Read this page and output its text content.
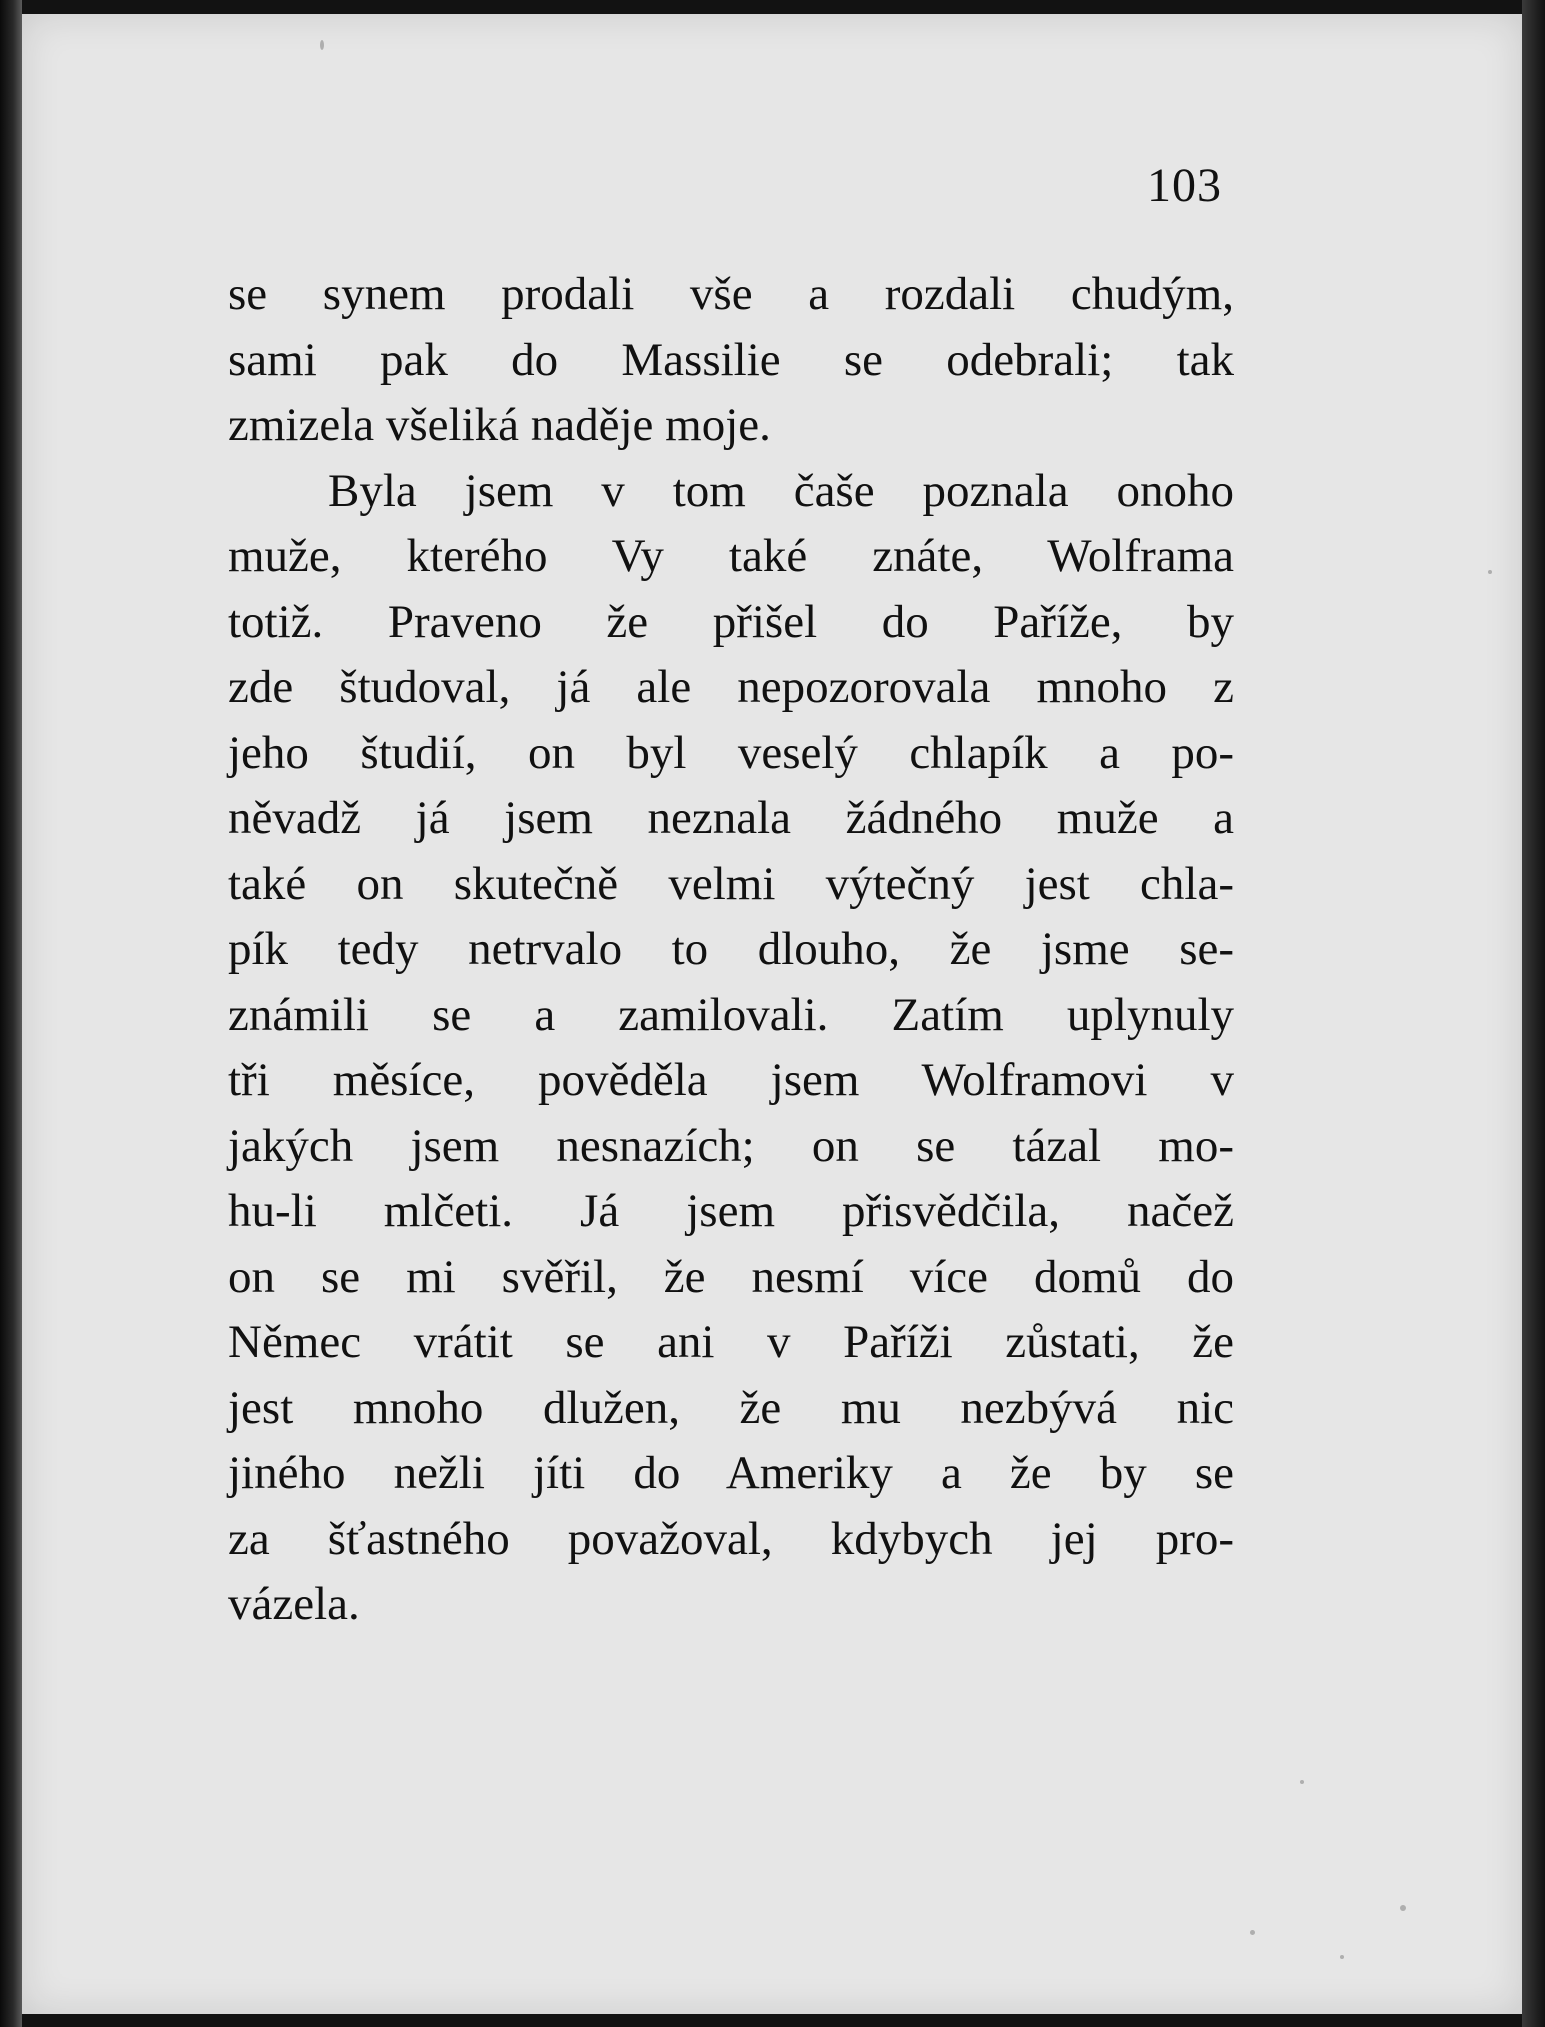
103
se synem prodali vše a rozdali chudým,
sami pak do Massilie se odebrali; tak
zmizela všeliká naděje moje.
Byla jsem v tom čaše poznala onoho
muže, kterého Vy také znáte, Wolframa
totiž. Praveno že přišel do Paříže, by
zde študoval, já ale nepozorovala mnoho z
jeho študií, on byl veselý chlapík a po-
něvadž já jsem neznala žádného muže a
také on skutečně velmi výtečný jest chla-
pík tedy netrvalo to dlouho, že jsme se-
známili se a zamilovali. Zatím uplynuly
tři měsíce, pověděla jsem Wolframovi v
jakých jsem nesnazích; on se tázal mo-
hu-li mlčeti. Já jsem přisvědčila, načež
on se mi svěřil, že nesmí více domů do
Němec vrátit se ani v Paříži zůstati, že
jest mnoho dlužen, že mu nezbývá nic
jiného nežli jíti do Ameriky a že by se
za šťastného považoval, kdybych jej pro-
vázela.
